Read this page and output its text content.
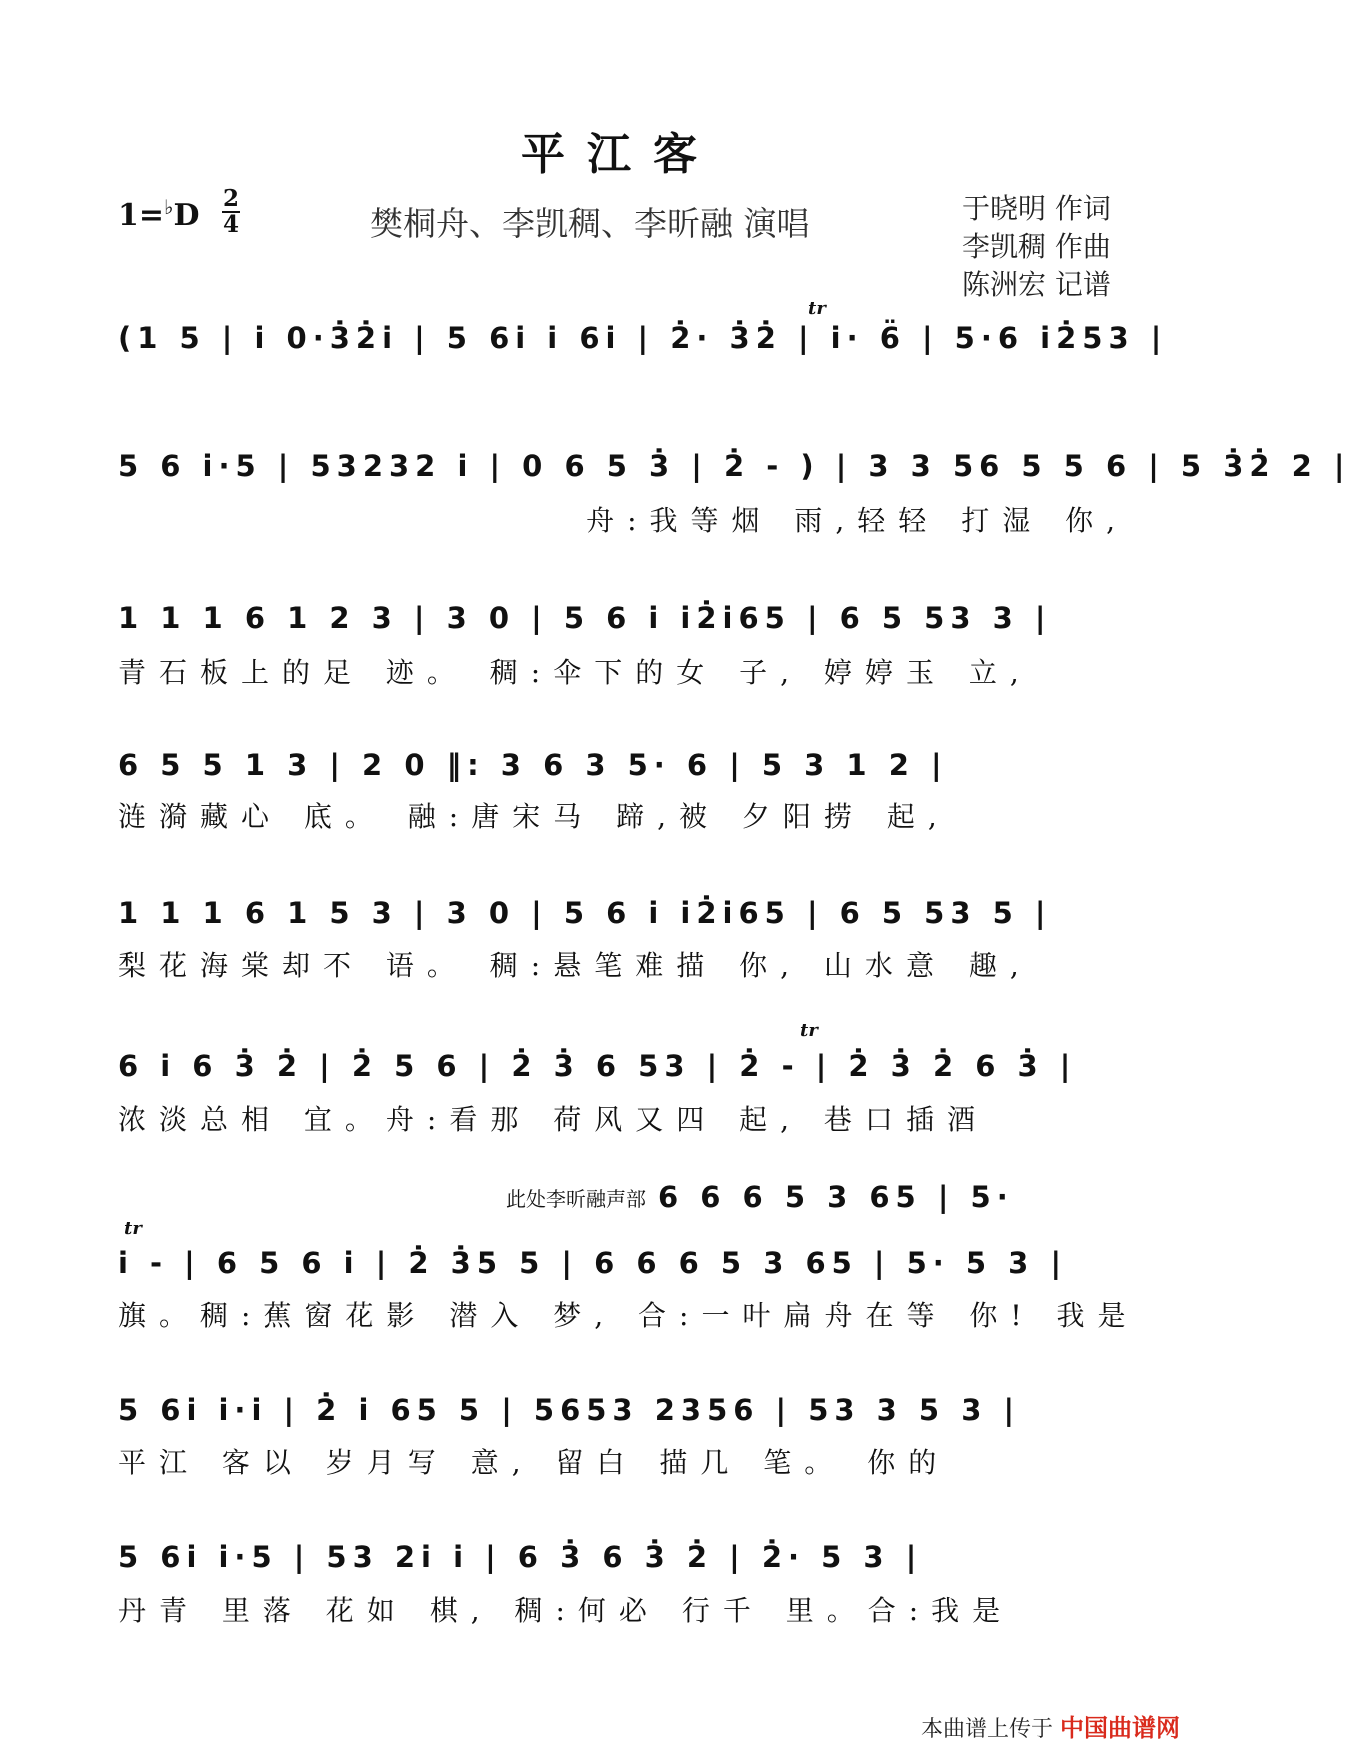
平江客
1=♭D 2
4	樊桐舟、李凯稠、李昕融 演唱	于晓明 作词
李凯稠 作曲
陈洲宏 记谱
(1 5 | i 0·3̇2̇i | 5 6i i 6i | 2̇· 3̇2̇ | i· 6̈ | 5·6 i2̇53 |
tr
5 6 i·5 | 53232 i | 0 6 5 3̇ | 2̇ - ) | 3 3 56 5 5 6 | 5 3̇2̇ 2 |
舟:我等烟 雨,轻轻 打湿 你,
1 1 1 6 1 2 3 | 3 0 | 5 6 i i2̇i65 | 6 5 53 3 |
青石板上的足 迹。 稠:伞下的女 子, 婷婷玉 立,
6 5 5 1 3 | 2 0 ‖: 3 6 3 5· 6 | 5 3 1 2 |
涟漪藏心 底。 融:唐宋马 蹄,被 夕阳捞 起,
1 1 1 6 1 5 3 | 3 0 | 5 6 i i2̇i65 | 6 5 53 5 |
梨花海棠却不 语。 稠:悬笔难描 你, 山水意 趣,
6 i 6 3̇ 2̇ | 2̇ 5 6 | 2̇ 3̇ 6 53 | 2̇ - | 2̇ 3̇ 2̇ 6 3̇ |
tr
浓淡总相 宜。舟:看那 荷风又四 起, 巷口插酒
此处李昕融声部 6 6 6 5 3 65 | 5·
tr
i - | 6 5 6 i | 2̇ 3̇5 5 | 6 6 6 5 3 65 | 5· 5 3 |
旗。稠:蕉窗花影 潜入 梦, 合:一叶扁舟在等 你! 我是
5 6i i·i | 2̇ i 65 5 | 5653 2356 | 53 3 5 3 |
平江 客以 岁月写 意, 留白 描几 笔。 你的
5 6i i·5 | 53 2i i | 6 3̇ 6 3̇ 2̇ | 2̇· 5 3 |
丹青 里落 花如 棋, 稠:何必 行千 里。合:我是
本曲谱上传于 中国曲谱网
